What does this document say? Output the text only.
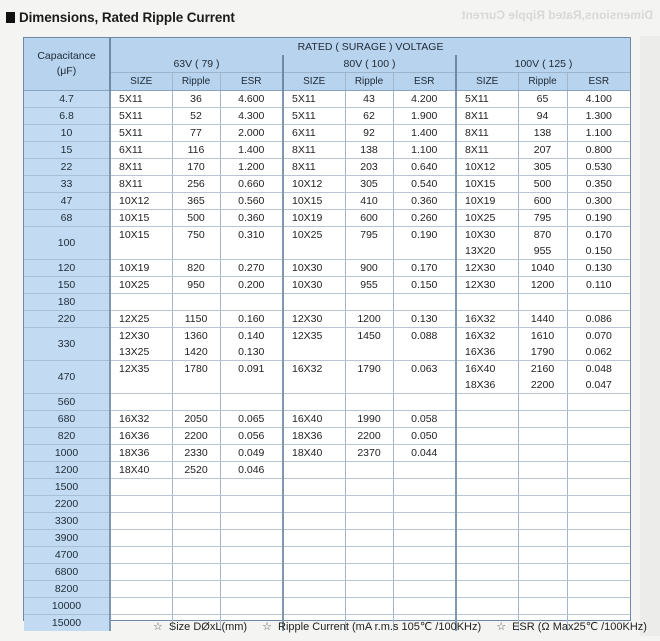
Dimensions, Rated Ripple Current	Dimensions,Rated Ripple Current
Capacitance
(μF)	RATED ( SURAGE ) VOLTAGE								
	63V ( 79 )			80V ( 100 )			100V ( 125 )		
	SIZE	Ripple	ESR	SIZE	Ripple	ESR	SIZE	Ripple	ESR
4.7	5X11	36	4.600	5X11	43	4.200	5X11	65	4.100
6.8	5X11	52	4.300	5X11	62	1.900	8X11	94	1.300
10	5X11	77	2.000	6X11	92	1.400	8X11	138	1.100
15	6X11	116	1.400	8X11	138	1.100	8X11	207	0.800
22	8X11	170	1.200	8X11	203	0.640	10X12	305	0.530
33	8X11	256	0.660	10X12	305	0.540	10X15	500	0.350
47	10X12	365	0.560	10X15	410	0.360	10X19	600	0.300
68	10X15	500	0.360	10X19	600	0.260	10X25	795	0.190
100	10X15	750	0.310	10X25	795	0.190	10X30	870	0.170
							13X20	955	0.150
120	10X19	820	0.270	10X30	900	0.170	12X30	1040	0.130
150	10X25	950	0.200	10X30	955	0.150	12X30	1200	0.110
180									
220	12X25	1150	0.160	12X30	1200	0.130	16X32	1440	0.086
330	12X30	1360	0.140	12X35	1450	0.088	16X32	1610	0.070
	13X25	1420	0.130				16X36	1790	0.062
470	12X35	1780	0.091	16X32	1790	0.063	16X40	2160	0.048
							18X36	2200	0.047
560									
680	16X32	2050	0.065	16X40	1990	0.058			
820	16X36	2200	0.056	18X36	2200	0.050			
1000	18X36	2330	0.049	18X40	2370	0.044			
1200	18X40	2520	0.046						
1500									
2200									
3300									
3900									
4700									
6800									
8200									
10000									
15000										☆ Size DØxL(mm) ☆ Ripple Current (mA r.m.s 105℃ /100KHz) ☆ ESR (Ω Max25℃ /100KHz)
